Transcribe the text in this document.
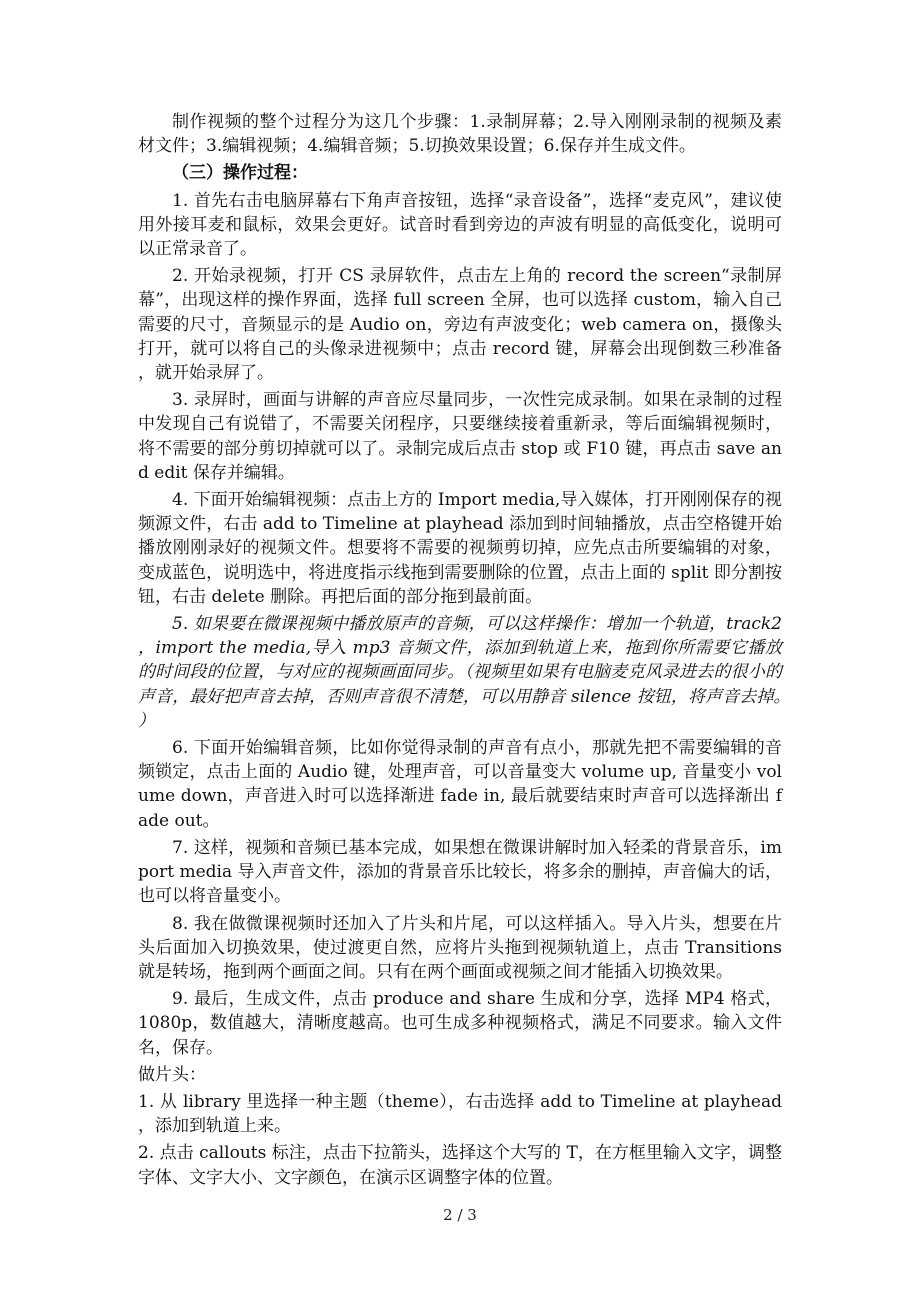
制作视频的整个过程分为这几个步骤：1.录制屏幕；2.导入刚刚录制的视频及素材文件；3.编辑视频；4.编辑音频；5.切换效果设置；6.保存并生成文件。

（三）操作过程：

1. 首先右击电脑屏幕右下角声音按钮，选择“录音设备”，选择“麦克风”，建议使用外接耳麦和鼠标，效果会更好。试音时看到旁边的声波有明显的高低变化，说明可以正常录音了。

2. 开始录视频，打开 CS 录屏软件，点击左上角的 record the screen“录制屏幕”，出现这样的操作界面，选择 full screen 全屏，也可以选择 custom，输入自己需要的尺寸，音频显示的是 Audio on，旁边有声波变化；web camera on，摄像头打开，就可以将自己的头像录进视频中；点击 record 键，屏幕会出现倒数三秒准备，就开始录屏了。

3. 录屏时，画面与讲解的声音应尽量同步，一次性完成录制。如果在录制的过程中发现自己有说错了，不需要关闭程序，只要继续接着重新录，等后面编辑视频时，将不需要的部分剪切掉就可以了。录制完成后点击 stop 或 F10 键，再点击 save and edit 保存并编辑。

4. 下面开始编辑视频：点击上方的 Import media,导入媒体，打开刚刚保存的视频源文件，右击 add to Timeline at playhead 添加到时间轴播放，点击空格键开始播放刚刚录好的视频文件。想要将不需要的视频剪切掉，应先点击所要编辑的对象，变成蓝色，说明选中，将进度指示线拖到需要删除的位置，点击上面的 split 即分割按钮，右击 delete 删除。再把后面的部分拖到最前面。

5. 如果要在微课视频中播放原声的音频，可以这样操作：增加一个轨道，track2，import the media,导入 mp3 音频文件，添加到轨道上来，拖到你所需要它播放的时间段的位置，与对应的视频画面同步。（视频里如果有电脑麦克风录进去的很小的声音，最好把声音去掉，否则声音很不清楚，可以用静音 silence 按钮，将声音去掉。）

6. 下面开始编辑音频，比如你觉得录制的声音有点小，那就先把不需要编辑的音频锁定，点击上面的 Audio 键，处理声音，可以音量变大 volume up, 音量变小 volume down，声音进入时可以选择渐进 fade in, 最后就要结束时声音可以选择渐出 fade out。

7. 这样，视频和音频已基本完成，如果想在微课讲解时加入轻柔的背景音乐，import media 导入声音文件，添加的背景音乐比较长，将多余的删掉，声音偏大的话，也可以将音量变小。

8. 我在做微课视频时还加入了片头和片尾，可以这样插入。导入片头，想要在片头后面加入切换效果，使过渡更自然，应将片头拖到视频轨道上，点击 Transitions 就是转场，拖到两个画面之间。只有在两个画面或视频之间才能插入切换效果。

9. 最后，生成文件，点击 produce and share 生成和分享，选择 MP4 格式，1080p，数值越大，清晰度越高。也可生成多种视频格式，满足不同要求。输入文件名，保存。

做片头：

1. 从 library 里选择一种主题（theme），右击选择 add to Timeline at playhead，添加到轨道上来。

2. 点击 callouts 标注，点击下拉箭头，选择这个大写的 T，在方框里输入文字，调整字体、文字大小、文字颜色，在演示区调整字体的位置。

2 / 3
